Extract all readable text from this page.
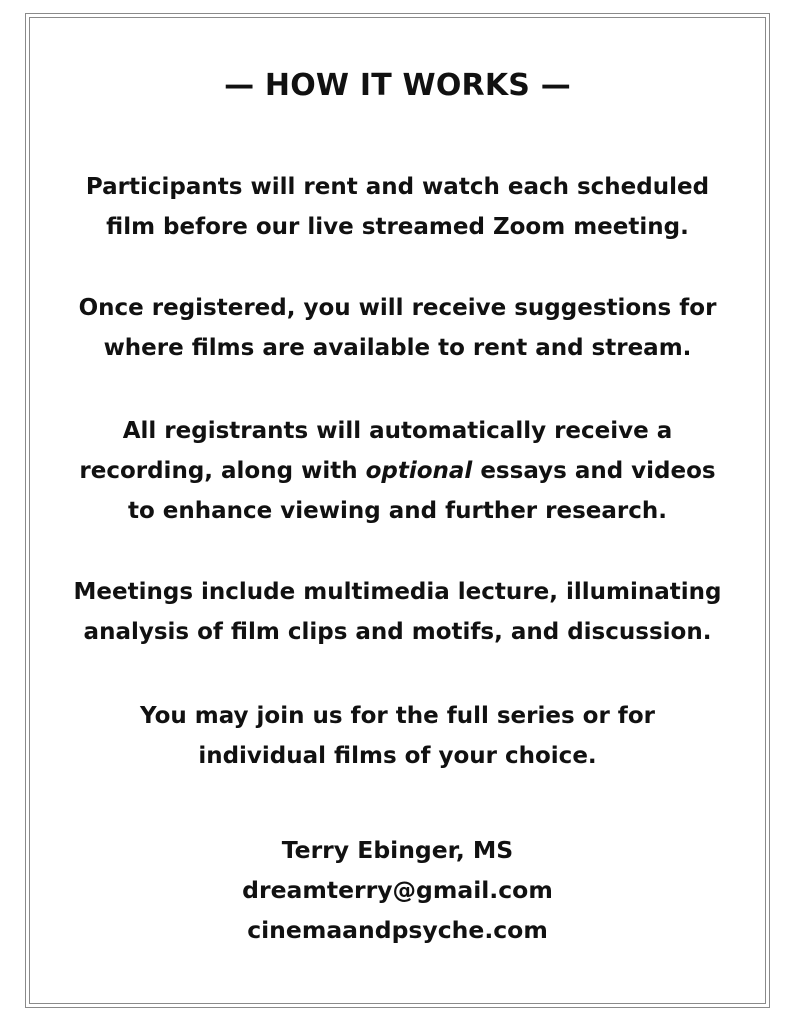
— HOW IT WORKS —

Participants will rent and watch each scheduled
film before our live streamed Zoom meeting.

Once registered, you will receive suggestions for
where films are available to rent and stream.

All registrants will automatically receive a
recording, along with optional essays and videos
to enhance viewing and further research.

Meetings include multimedia lecture, illuminating
analysis of film clips and motifs, and discussion.

You may join us for the full series or for
individual films of your choice.

Terry Ebinger, MS
dreamterry@gmail.com
cinemaandpsyche.com
